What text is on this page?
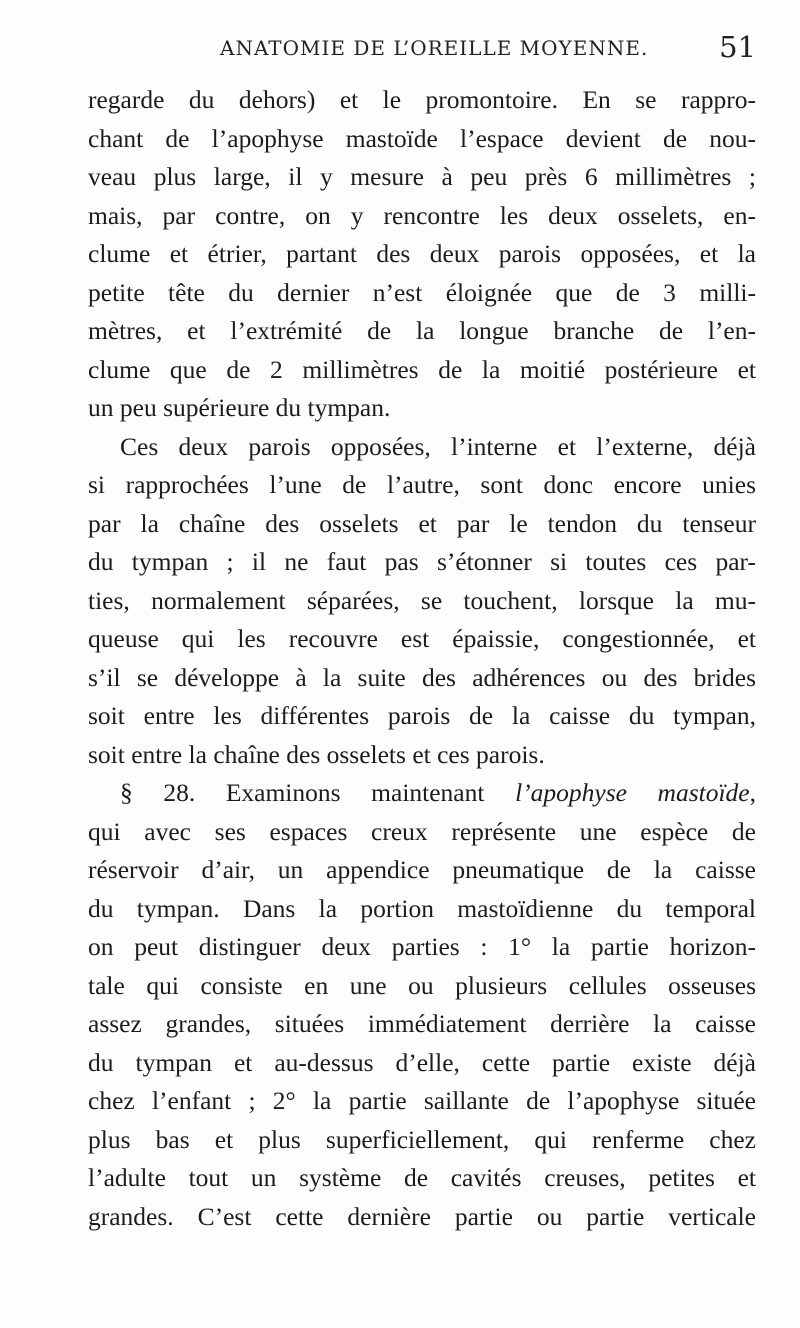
ANATOMIE DE L’OREILLE MOYENNE. 51
regarde du dehors) et le promontoire. En se rappro-
chant de l’apophyse mastoïde l’espace devient de nou-
veau plus large, il y mesure à peu près 6 millimètres ;
mais, par contre, on y rencontre les deux osselets, en-
clume et étrier, partant des deux parois opposées, et la
petite tête du dernier n’est éloignée que de 3 milli-
mètres, et l’extrémité de la longue branche de l’en-
clume que de 2 millimètres de la moitié postérieure et
un peu supérieure du tympan.
Ces deux parois opposées, l’interne et l’externe, déjà
si rapprochées l’une de l’autre, sont donc encore unies
par la chaîne des osselets et par le tendon du tenseur
du tympan ; il ne faut pas s’étonner si toutes ces par-
ties, normalement séparées, se touchent, lorsque la mu-
queuse qui les recouvre est épaissie, congestionnée, et
s’il se développe à la suite des adhérences ou des brides
soit entre les différentes parois de la caisse du tympan,
soit entre la chaîne des osselets et ces parois.
§ 28. Examinons maintenant l’apophyse mastoïde,
qui avec ses espaces creux représente une espèce de
réservoir d’air, un appendice pneumatique de la caisse
du tympan. Dans la portion mastoïdienne du temporal
on peut distinguer deux parties : 1° la partie horizon-
tale qui consiste en une ou plusieurs cellules osseuses
assez grandes, situées immédiatement derrière la caisse
du tympan et au-dessus d’elle, cette partie existe déjà
chez l’enfant ; 2° la partie saillante de l’apophyse située
plus bas et plus superficiellement, qui renferme chez
l’adulte tout un système de cavités creuses, petites et
grandes. C’est cette dernière partie ou partie verticale
